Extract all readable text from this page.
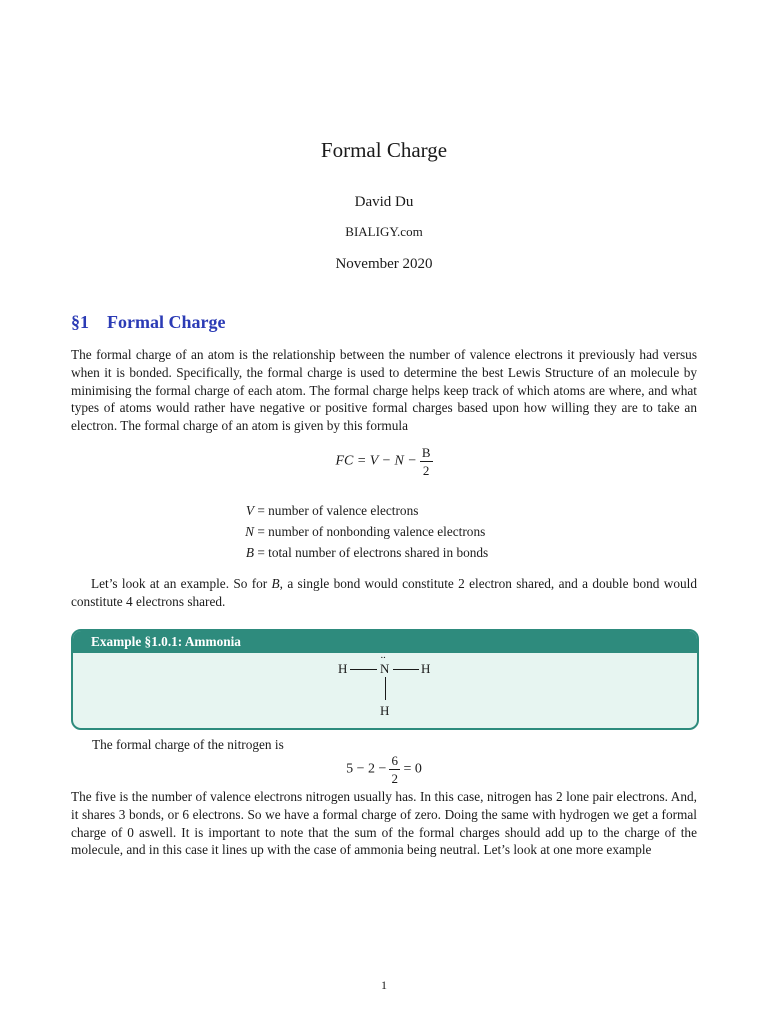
Formal Charge
David Du
BIALIGY.com
November 2020
§1 Formal Charge
The formal charge of an atom is the relationship between the number of valence electrons it previously had versus when it is bonded. Specifically, the formal charge is used to determine the best Lewis Structure of an molecule by minimising the formal charge of each atom. The formal charge helps keep track of which atoms are where, and what types of atoms would rather have negative or positive formal charges based upon how willing they are to take an electron. The formal charge of an atom is given by this formula
FC = $V - N - \frac{B}{2}$
V = number of valence electrons
N = number of nonbonding valence electrons
B = total number of electrons shared in bonds
Let’s look at an example. So for B, a single bond would constitute 2 electron shared, and a double bond would constitute 4 electrons shared.
Example §1.0.1: Ammonia
H
··
N H
H
The formal charge of the nitrogen is
$5 - 2 - \frac{6}{2} = 0$
The five is the number of valence electrons nitrogen usually has. In this case, nitrogen has 2 lone pair electrons. And, it shares 3 bonds, or 6 electrons. So we have a formal charge of zero. Doing the same with hydrogen we get a formal charge of 0 aswell. It is important to note that the sum of the formal charges should add up to the charge of the molecule, and in this case it lines up with the case of ammonia being neutral. Let’s look at one more example
1
